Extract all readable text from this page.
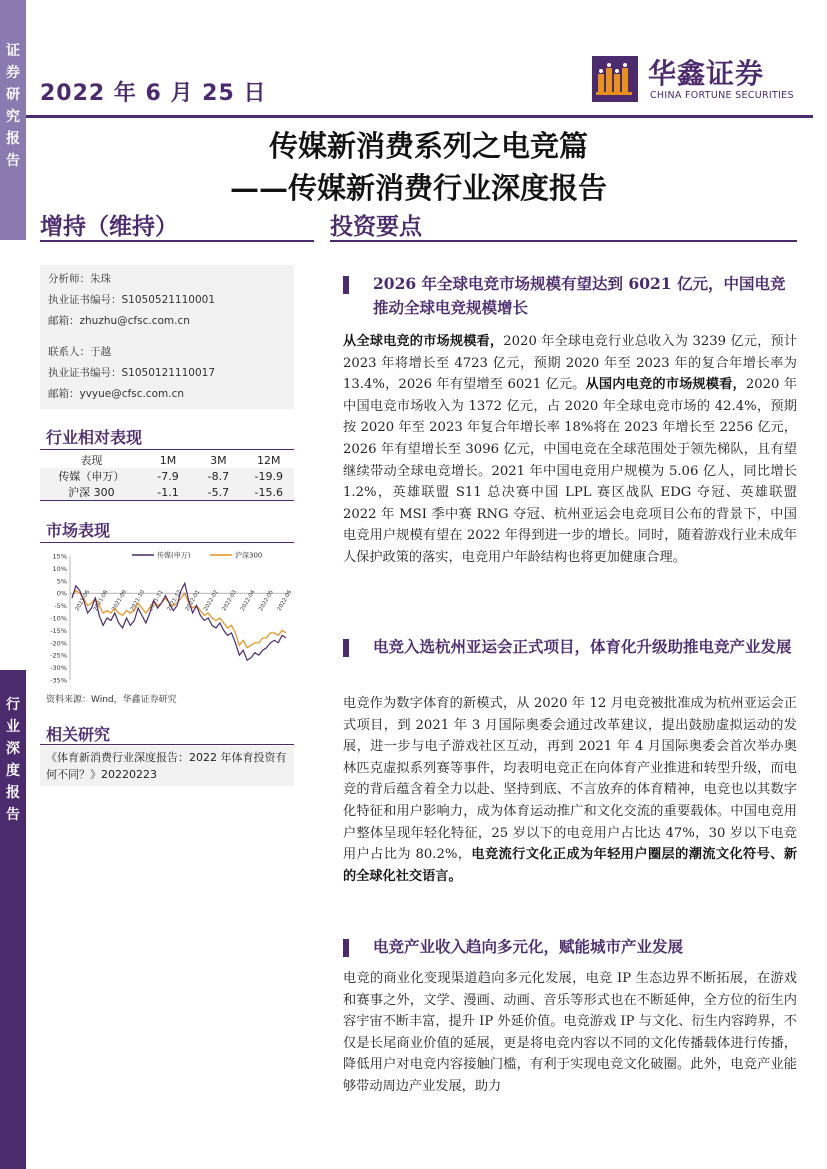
证
券
研
究
报
告
行
业
深
度
报
告
2022 年 6 月 25 日
华鑫证券
CHINA FORTUNE SECURITIES
传媒新消费系列之电竞篇
——传媒新消费行业深度报告
增持（维持）	投资要点
分析师：朱珠
执业证书编号：S1050521110001
邮箱：zhuzhu@cfsc.com.cn
联系人：于越
执业证书编号：S1050121110017
邮箱：yvyue@cfsc.com.cn
行业相对表现
表现	1M	3M	12M
传媒（申万）	-7.9	-8.7	-19.9
沪深 300	-1.1	-5.7	-15.6
市场表现
15%
10%
5%
0%
-5%
-10%
-15%
-20%
-25%
-30%
-35%
2021-06 2021-08 2021-09 2021-10 2021-11 2021-12 2022-01 2022-02 2022-03 2022-04 2022-05 2022-06
传媒(申万)	沪深300
资料来源：Wind，华鑫证券研究
相关研究
《体育新消费行业深度报告：2022 年体育投资有何不同？》20220223
2026 年全球电竞市场规模有望达到 6021 亿元，中国电竞推动全球电竞规模增长
从全球电竞的市场规模看，2020 年全球电竞行业总收入为 3239 亿元，预计 2023 年将增长至 4723 亿元，预期 2020 年至 2023 年的复合年增长率为 13.4%，2026 年有望增至 6021 亿元。从国内电竞的市场规模看，2020 年中国电竞市场收入为 1372 亿元，占 2020 年全球电竞市场的 42.4%，预期按 2020 年至 2023 年复合年增长率 18%将在 2023 年增长至 2256 亿元，2026 年有望增长至 3096 亿元，中国电竞在全球范围处于领先梯队，且有望继续带动全球电竞增长。2021 年中国电竞用户规模为 5.06 亿人，同比增长 1.2%，英雄联盟 S11 总决赛中国 LPL 赛区战队 EDG 夺冠、英雄联盟 2022 年 MSI 季中赛 RNG 夺冠、杭州亚运会电竞项目公布的背景下，中国电竞用户规模有望在 2022 年得到进一步的增长。同时，随着游戏行业未成年人保护政策的落实，电竞用户年龄结构也将更加健康合理。
电竞入选杭州亚运会正式项目，体育化升级助推电竞产业发展
电竞作为数字体育的新模式，从 2020 年 12 月电竞被批准成为杭州亚运会正式项目，到 2021 年 3 月国际奥委会通过改革建议，提出鼓励虚拟运动的发展，进一步与电子游戏社区互动，再到 2021 年 4 月国际奥委会首次举办奥林匹克虚拟系列赛等事件，均表明电竞正在向体育产业推进和转型升级，而电竞的背后蕴含着全力以赴、坚持到底、不言放弃的体育精神，电竞也以其数字化特征和用户影响力，成为体育运动推广和文化交流的重要载体。中国电竞用户整体呈现年轻化特征，25 岁以下的电竞用户占比达 47%，30 岁以下电竞用户占比为 80.2%，电竞流行文化正成为年轻用户圈层的潮流文化符号、新的全球化社交语言。
电竞产业收入趋向多元化，赋能城市产业发展
电竞的商业化变现渠道趋向多元化发展，电竞 IP 生态边界不断拓展，在游戏和赛事之外，文学、漫画、动画、音乐等形式也在不断延伸，全方位的衍生内容宇宙不断丰富，提升 IP 外延价值。电竞游戏 IP 与文化、衍生内容跨界，不仅是长尾商业价值的延展，更是将电竞内容以不同的文化传播载体进行传播，降低用户对电竞内容接触门槛，有利于实现电竞文化破圈。此外，电竞产业能够带动周边产业发展，助力
